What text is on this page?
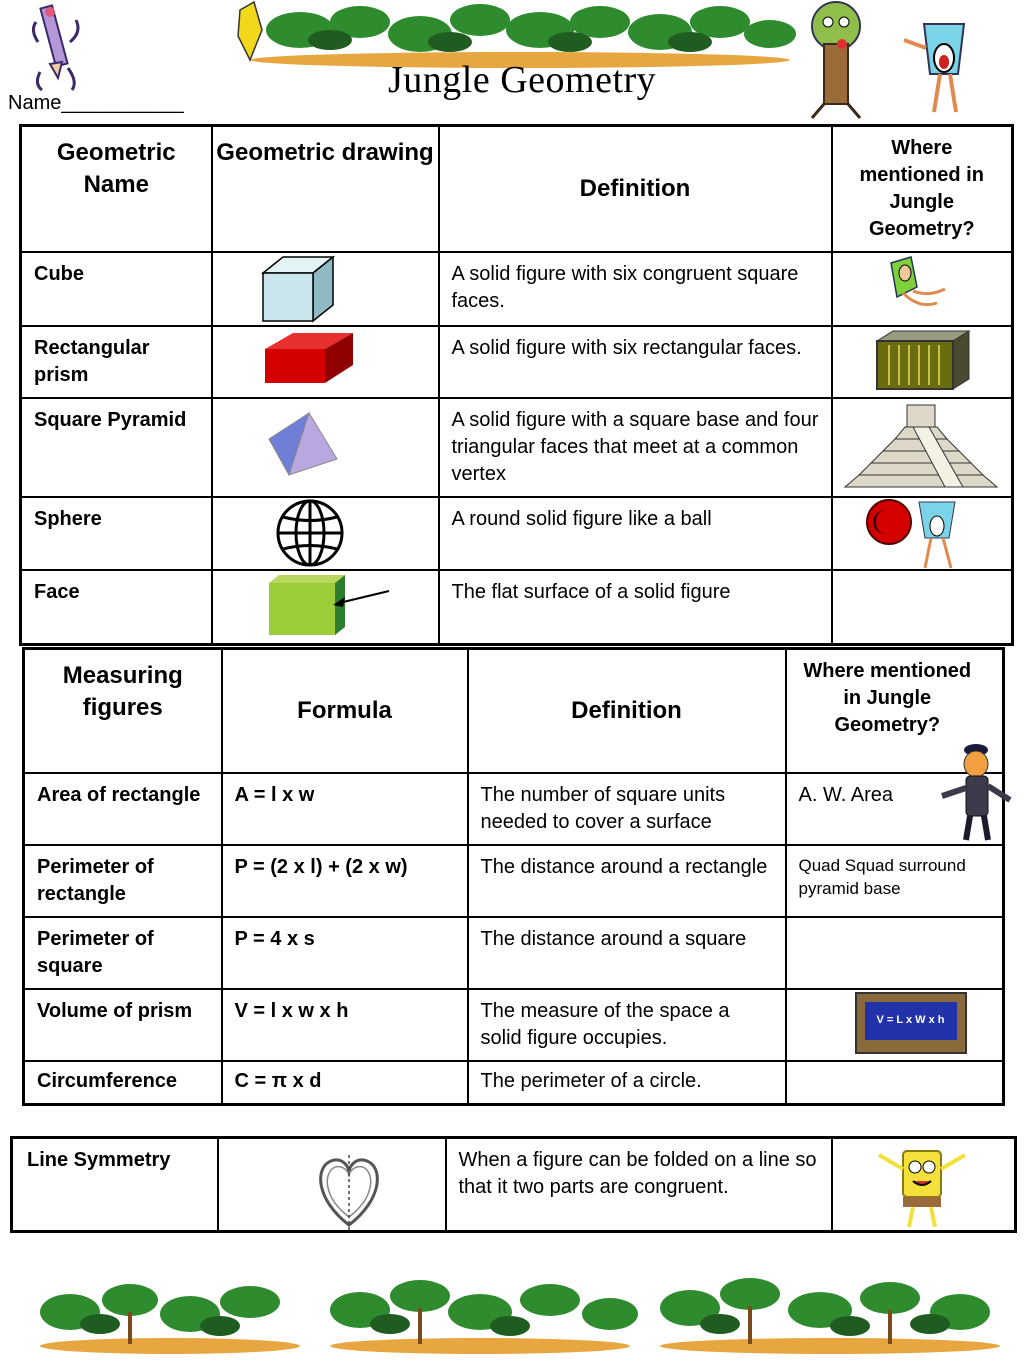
Name___________
Jungle Geometry
Geometric Name	Geometric drawing	Definition	Where mentioned in Jungle Geometry?
Cube		A solid figure with six congruent square faces.	

Rectangular prism		A solid figure with six rectangular faces.	

Square Pyramid		A solid figure with a square base and four triangular faces that meet at a common vertex	

Sphere		A round solid figure like a ball	

Face		The flat surface of a solid figure	
Measuring figures	Formula	Definition	Where mentioned in Jungle Geometry?
Area of rectangle	A = l x w	The number of square units needed to cover a surface	A. W. Area
Perimeter of rectangle	P = (2 x l) + (2 x w)	The distance around a rectangle	Quad Squad surround pyramid base
Perimeter of square	P = 4 x s	The distance around a square	
Volume of prism	V = l x w x h	The measure of the space a solid figure occupies.	V = L x W x h

Circumference	C = π x d	The perimeter of a circle.	
Line Symmetry		When a figure can be folded on a line so that it two parts are congruent.	
